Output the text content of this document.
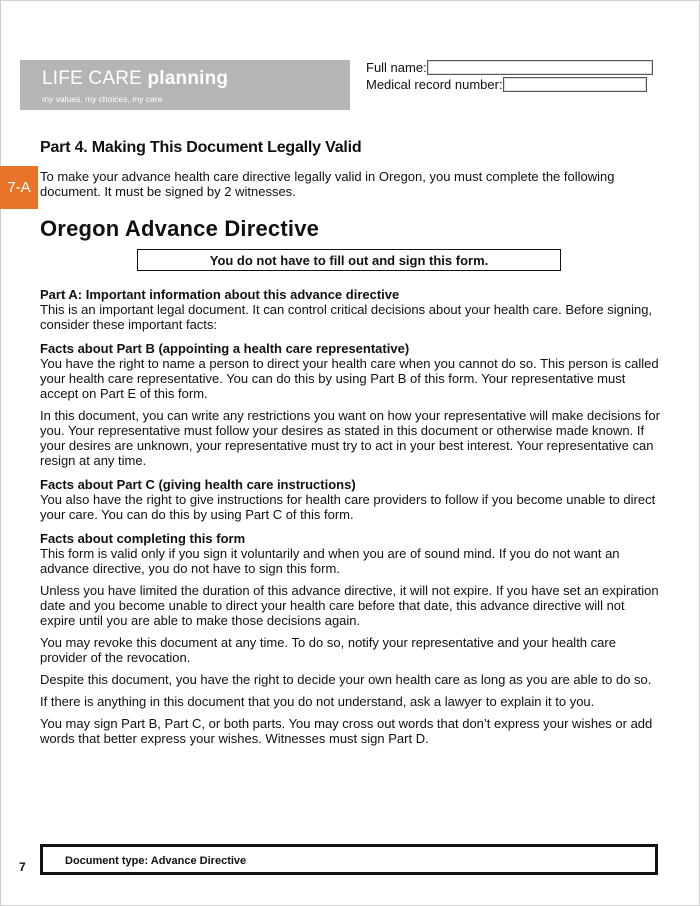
LIFE CARE planning
my values, my choices, my care
Full name:
Medical record number:
Part 4. Making This Document Legally Valid
7-A
To make your advance health care directive legally valid in Oregon, you must complete the following document. It must be signed by 2 witnesses.
Oregon Advance Directive
You do not have to fill out and sign this form.
Part A: Important information about this advance directive

This is an important legal document. It can control critical decisions about your health care. Before signing, consider these important facts:

Facts about Part B (appointing a health care representative)

You have the right to name a person to direct your health care when you cannot do so. This person is called your health care representative. You can do this by using Part B of this form. Your representative must accept on Part E of this form.

In this document, you can write any restrictions you want on how your representative will make decisions for you. Your representative must follow your desires as stated in this document or otherwise made known. If your desires are unknown, your representative must try to act in your best interest. Your representative can resign at any time.

Facts about Part C (giving health care instructions)

You also have the right to give instructions for health care providers to follow if you become unable to direct your care. You can do this by using Part C of this form.

Facts about completing this form

This form is valid only if you sign it voluntarily and when you are of sound mind. If you do not want an advance directive, you do not have to sign this form.

Unless you have limited the duration of this advance directive, it will not expire. If you have set an expiration date and you become unable to direct your health care before that date, this advance directive will not expire until you are able to make those decisions again.

You may revoke this document at any time. To do so, notify your representative and your health care provider of the revocation.

Despite this document, you have the right to decide your own health care as long as you are able to do so.

If there is anything in this document that you do not understand, ask a lawyer to explain it to you.

You may sign Part B, Part C, or both parts. You may cross out words that don’t express your wishes or add words that better express your wishes. Witnesses must sign Part D.

7	Document type: Advance Directive
